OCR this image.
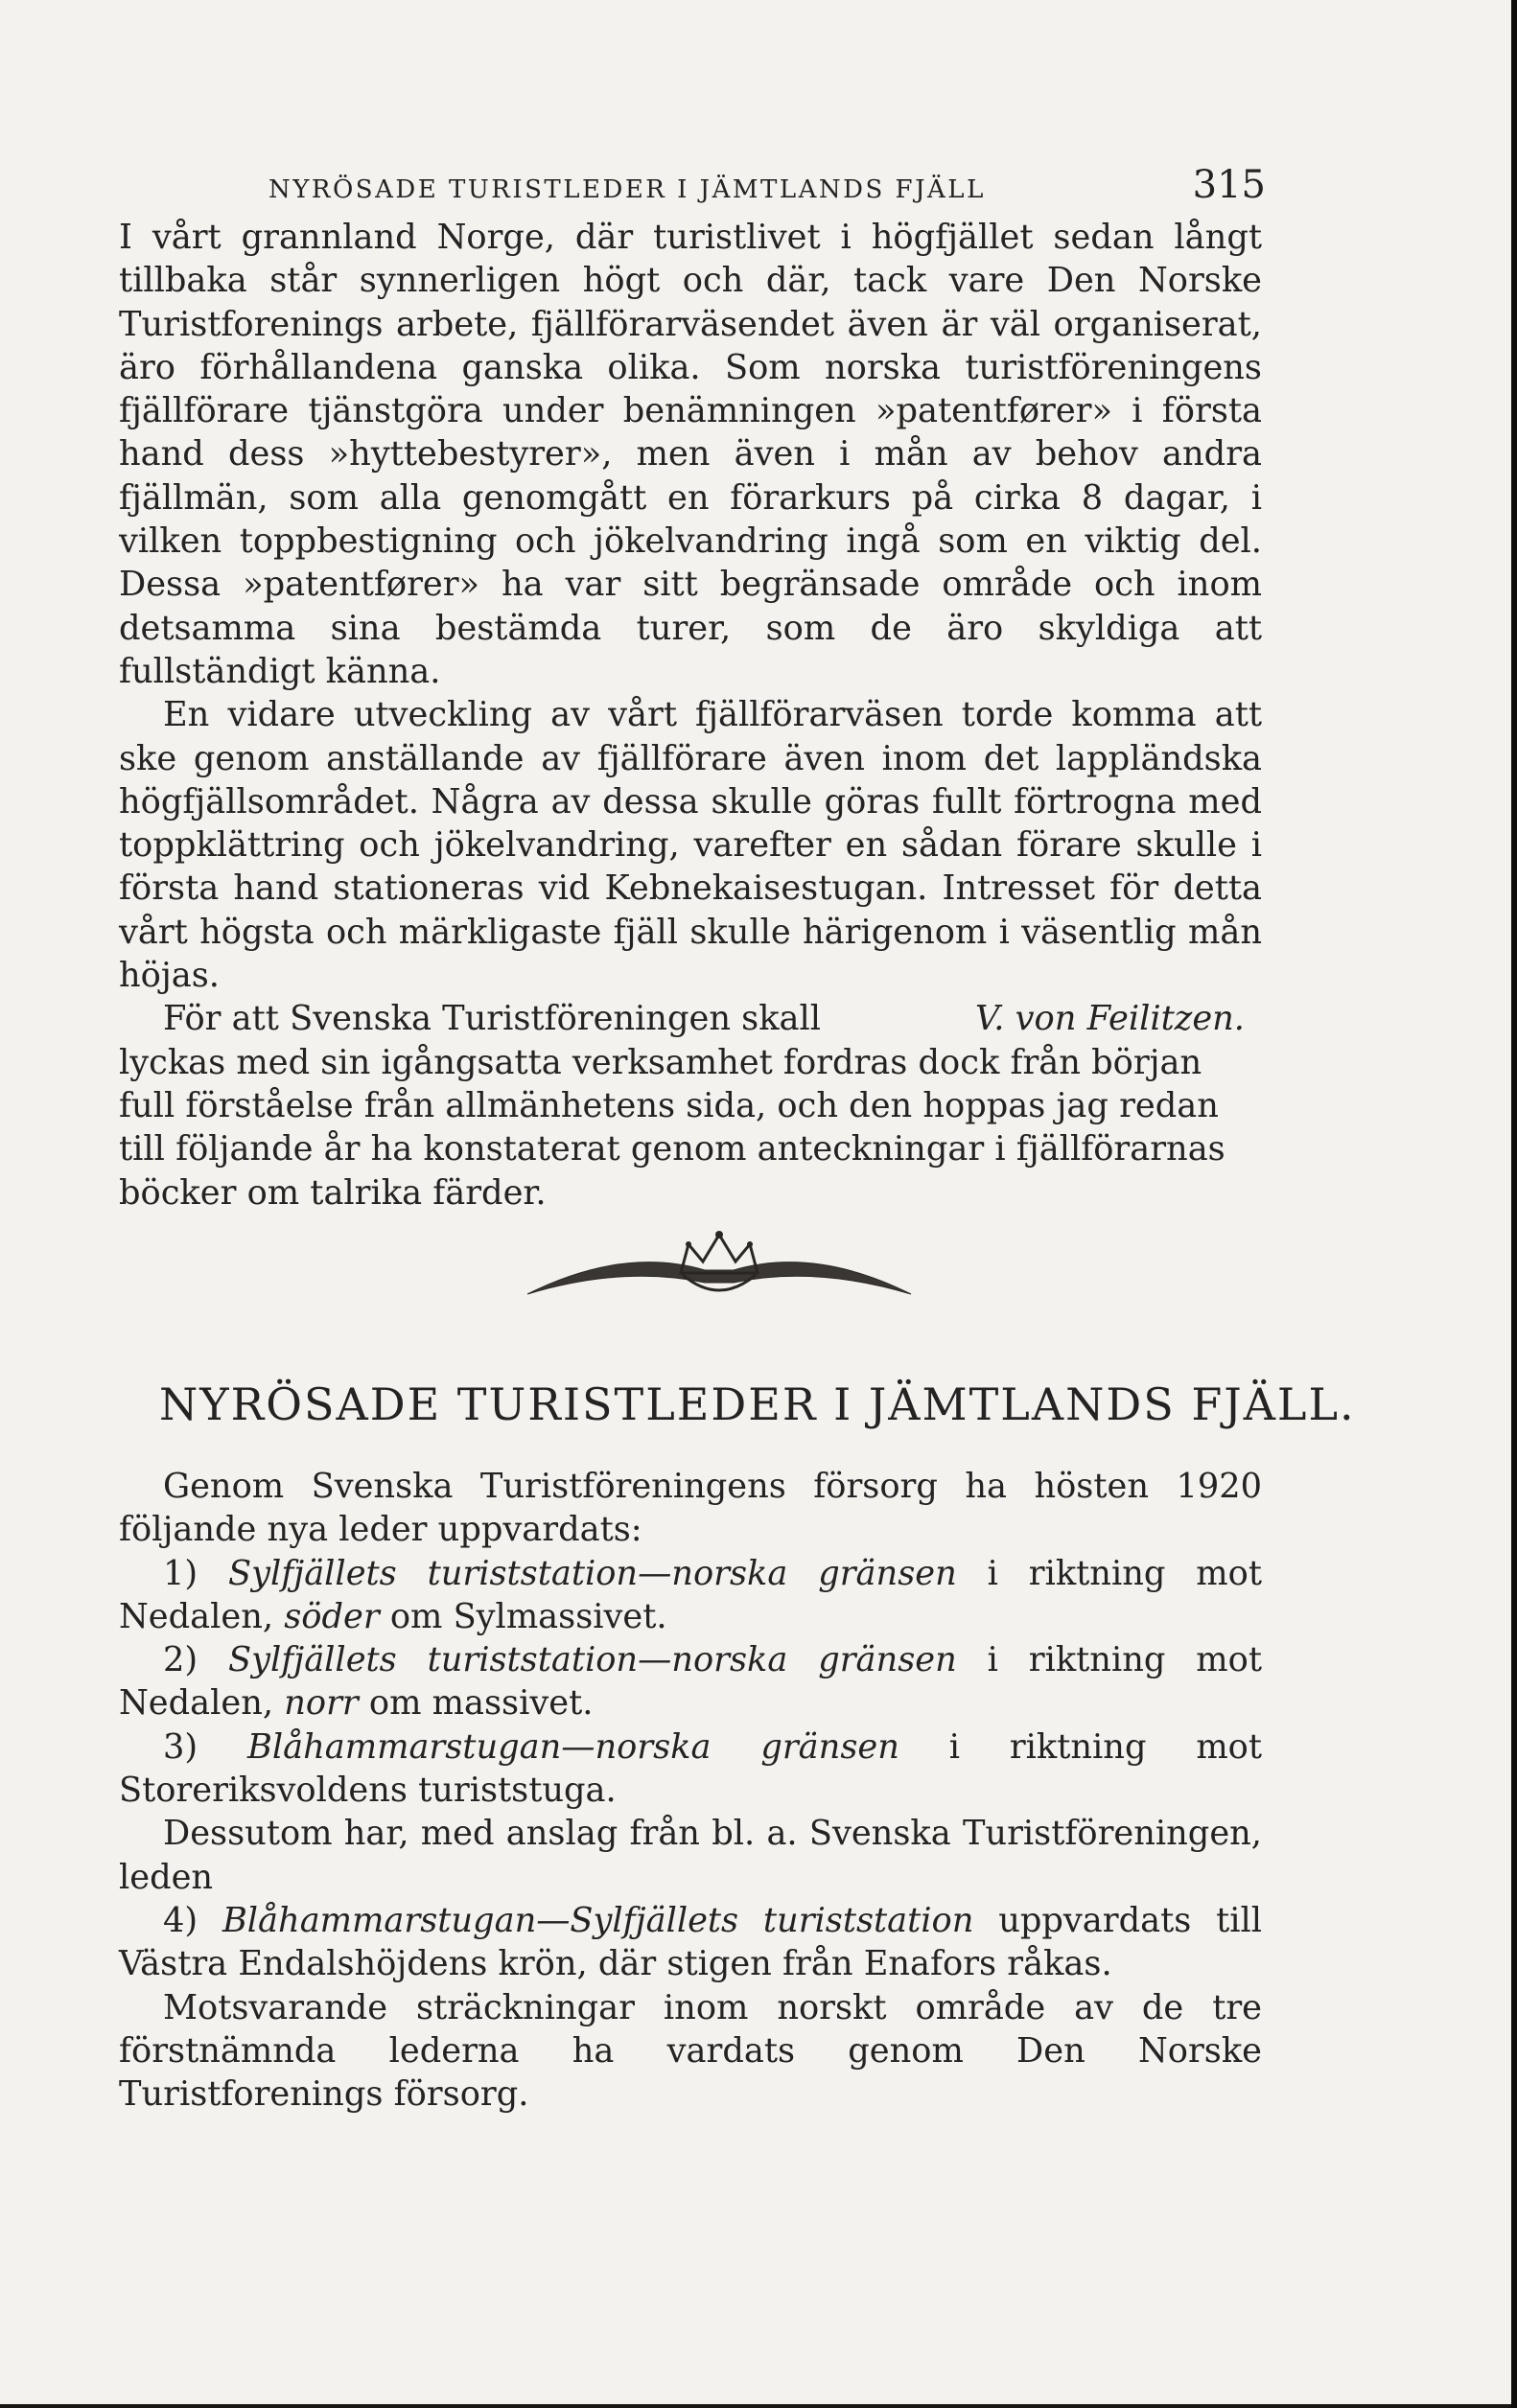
NYRÖSADE TURISTLEDER I JÄMTLANDS FJÄLL	315

I vårt grannland Norge, där turistlivet i högfjället sedan långt tillbaka står synnerligen högt och där, tack vare Den Norske Turistforenings arbete, fjällförarväsendet även är väl organiserat, äro förhållandena ganska olika. Som norska turistföreningens fjällförare tjänstgöra under benämningen »patentfører» i första hand dess »hyttebestyrer», men även i mån av behov andra fjällmän, som alla genomgått en förarkurs på cirka 8 dagar, i vilken toppbestigning och jökelvandring ingå som en viktig del. Dessa »patentfører» ha var sitt begränsade område och inom detsamma sina bestämda turer, som de äro skyldiga att fullständigt känna.

En vidare utveckling av vårt fjällförarväsen torde komma att ske genom anställande av fjällförare även inom det lappländska högfjällsområdet. Några av dessa skulle göras fullt förtrogna med toppklättring och jökelvandring, varefter en sådan förare skulle i första hand stationeras vid Kebnekaisestugan. Intresset för detta vårt högsta och märkligaste fjäll skulle härigenom i väsentlig mån höjas.

V. von Feilitzen.
För att Svenska Turistföreningen skall lyckas med sin igångsatta verksamhet fordras dock från början full förståelse från allmänhetens sida, och den hoppas jag redan till följande år ha konstaterat genom anteckningar i fjällförarnas böcker om talrika färder.

NYRÖSADE TURISTLEDER I JÄMTLANDS FJÄLL.

Genom Svenska Turistföreningens försorg ha hösten 1920 följande nya leder uppvardats:

1) Sylfjällets turiststation—norska gränsen i riktning mot Nedalen, söder om Sylmassivet.

2) Sylfjällets turiststation—norska gränsen i riktning mot Nedalen, norr om massivet.

3) Blåhammarstugan—norska gränsen i riktning mot Storeriksvoldens turiststuga.

Dessutom har, med anslag från bl. a. Svenska Turistföreningen, leden

4) Blåhammarstugan—Sylfjällets turiststation uppvardats till Västra Endalshöjdens krön, där stigen från Enafors råkas.

Motsvarande sträckningar inom norskt område av de tre förstnämnda lederna ha vardats genom Den Norske Turistforenings försorg.
